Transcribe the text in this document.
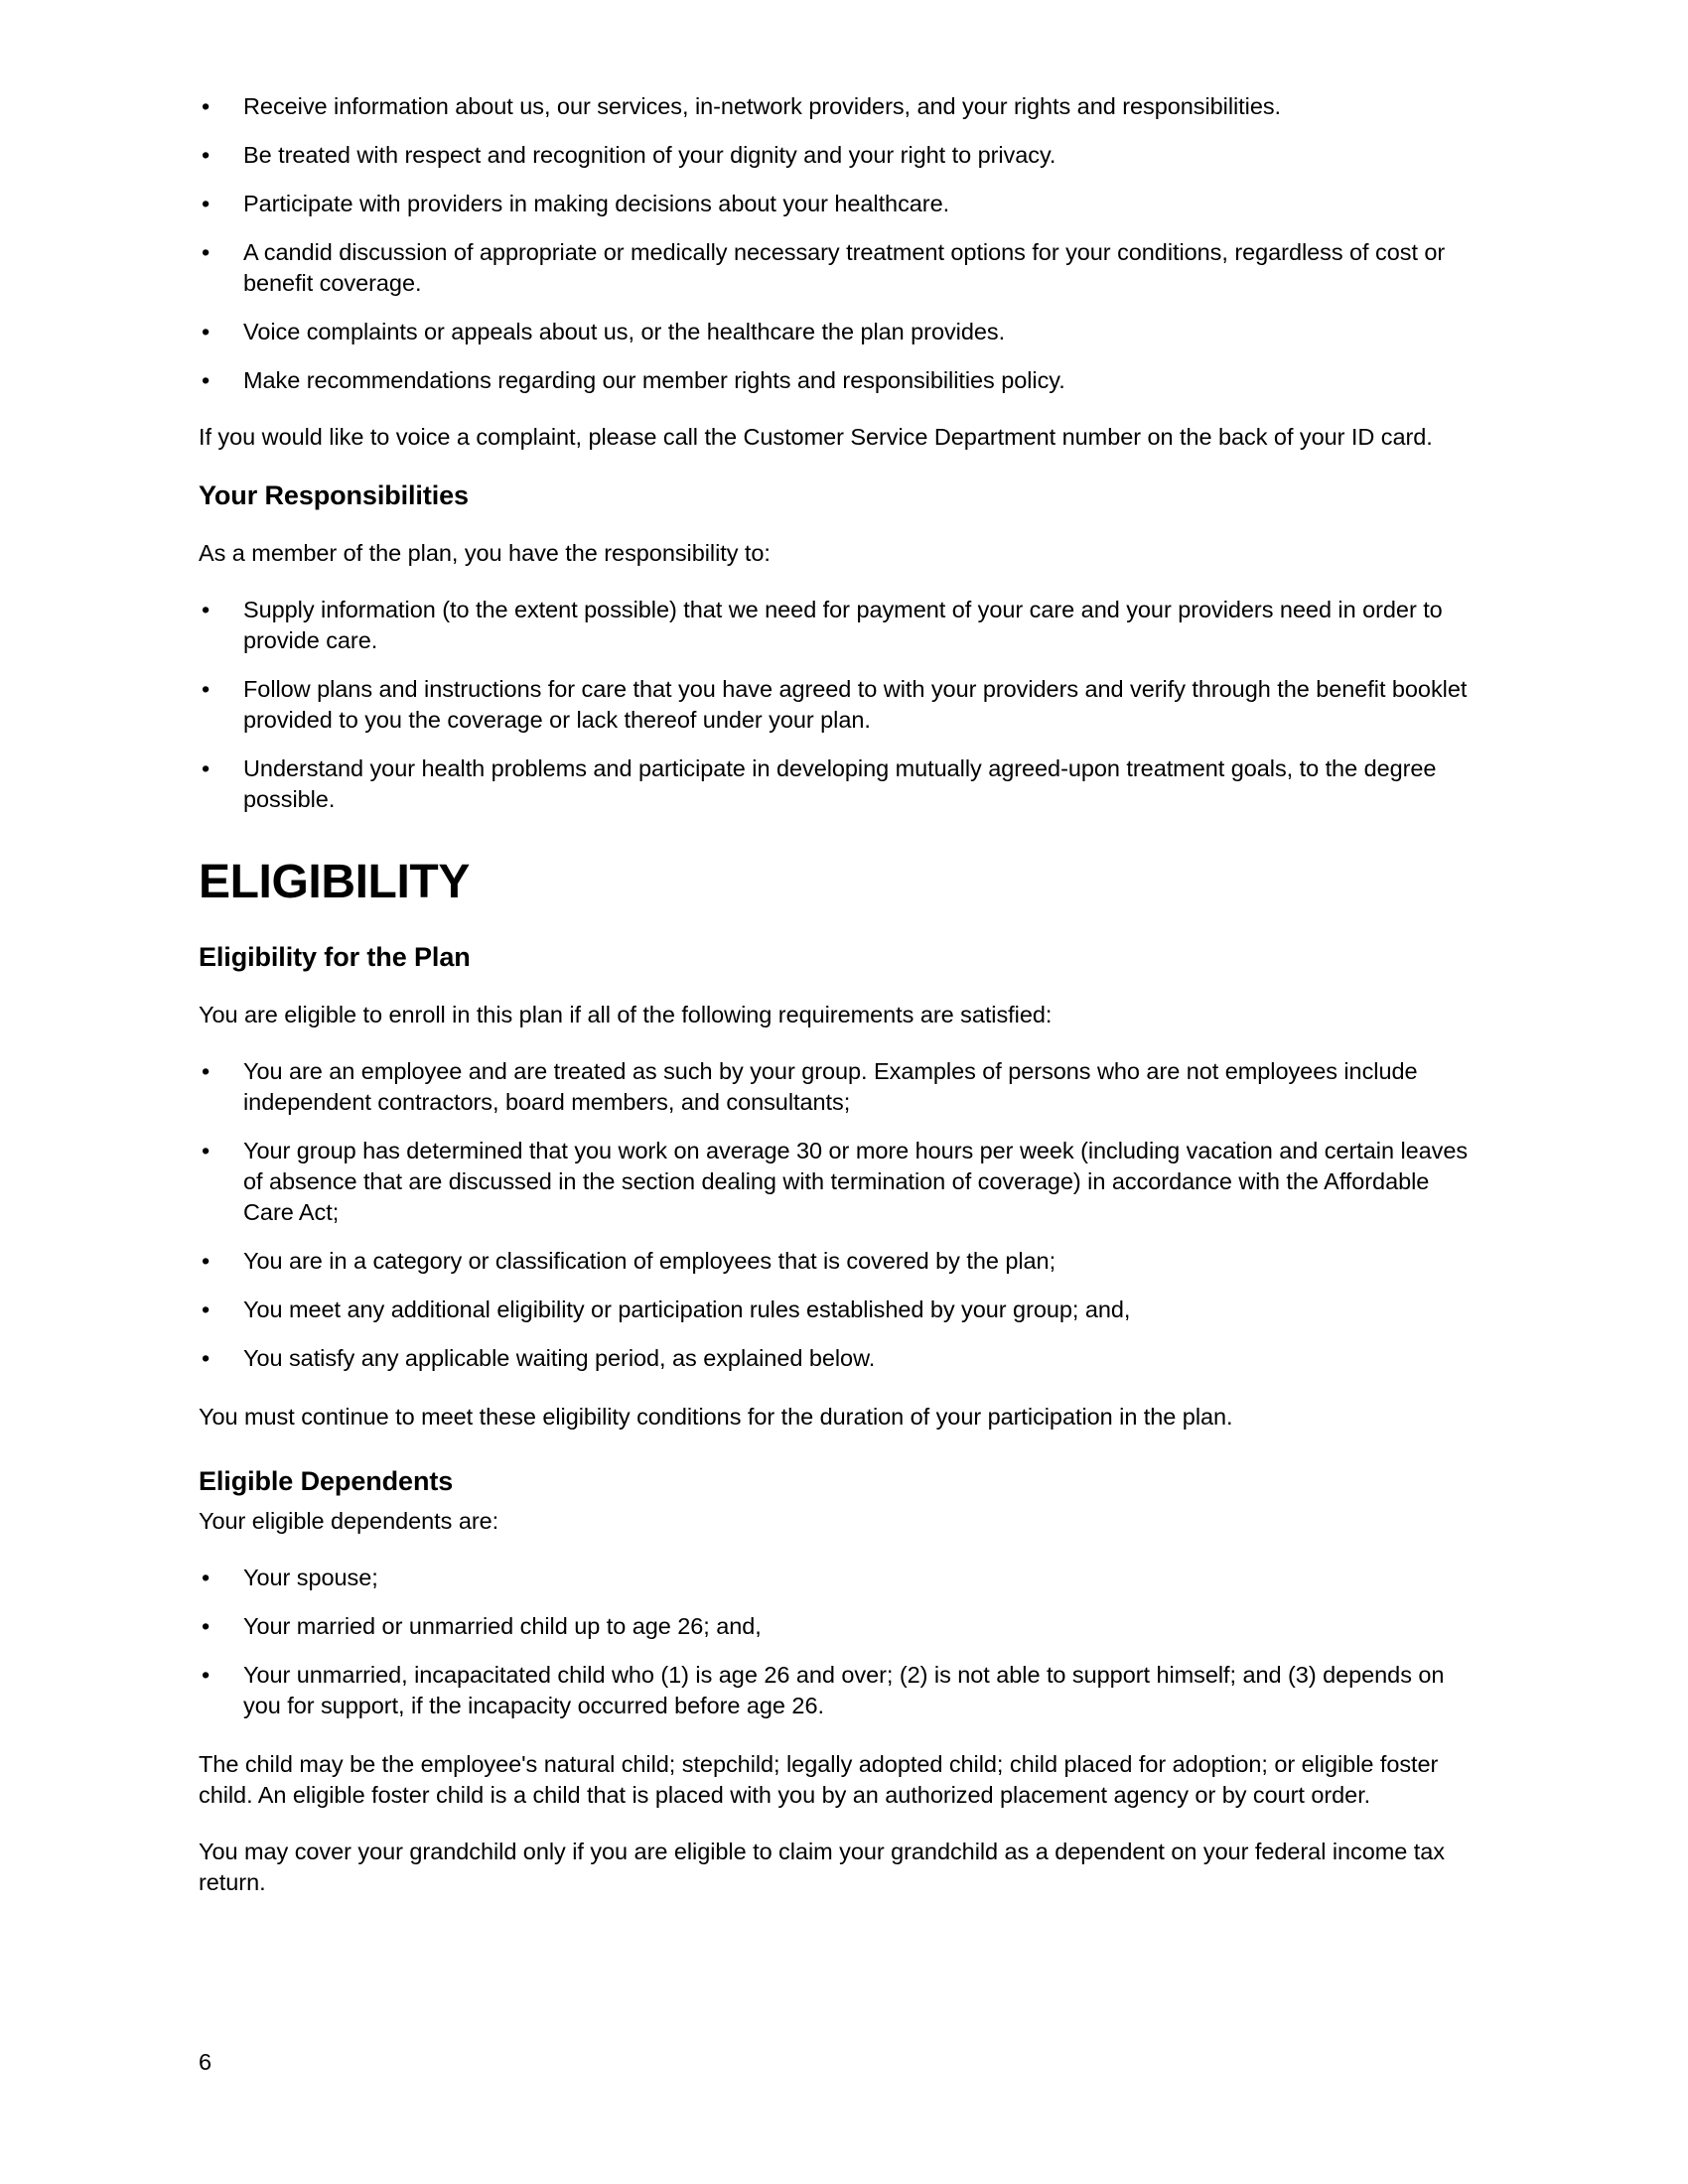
•	Receive information about us, our services, in-network providers, and your rights and responsibilities.
•	Be treated with respect and recognition of your dignity and your right to privacy.
•	Participate with providers in making decisions about your healthcare.
•	A candid discussion of appropriate or medically necessary treatment options for your conditions, regardless of cost or benefit coverage.
•	Voice complaints or appeals about us, or the healthcare the plan provides.
•	Make recommendations regarding our member rights and responsibilities policy.

If you would like to voice a complaint, please call the Customer Service Department number on the back of your ID card.

Your Responsibilities

As a member of the plan, you have the responsibility to:

•	Supply information (to the extent possible) that we need for payment of your care and your providers need in order to provide care.
•	Follow plans and instructions for care that you have agreed to with your providers and verify through the benefit booklet provided to you the coverage or lack thereof under your plan.
•	Understand your health problems and participate in developing mutually agreed-upon treatment goals, to the degree possible.
ELIGIBILITY
Eligibility for the Plan

You are eligible to enroll in this plan if all of the following requirements are satisfied:

•	You are an employee and are treated as such by your group. Examples of persons who are not employees include independent contractors, board members, and consultants;
•	Your group has determined that you work on average 30 or more hours per week (including vacation and certain leaves of absence that are discussed in the section dealing with termination of coverage) in accordance with the Affordable Care Act;
•	You are in a category or classification of employees that is covered by the plan;
•	You meet any additional eligibility or participation rules established by your group; and,
•	You satisfy any applicable waiting period, as explained below.

You must continue to meet these eligibility conditions for the duration of your participation in the plan.

Eligible Dependents

Your eligible dependents are:

•	Your spouse;
•	Your married or unmarried child up to age 26; and,
•	Your unmarried, incapacitated child who (1) is age 26 and over; (2) is not able to support himself; and (3) depends on you for support, if the incapacity occurred before age 26.

The child may be the employee's natural child; stepchild; legally adopted child; child placed for adoption; or eligible foster child. An eligible foster child is a child that is placed with you by an authorized placement agency or by court order.

You may cover your grandchild only if you are eligible to claim your grandchild as a dependent on your federal income tax return.

6
